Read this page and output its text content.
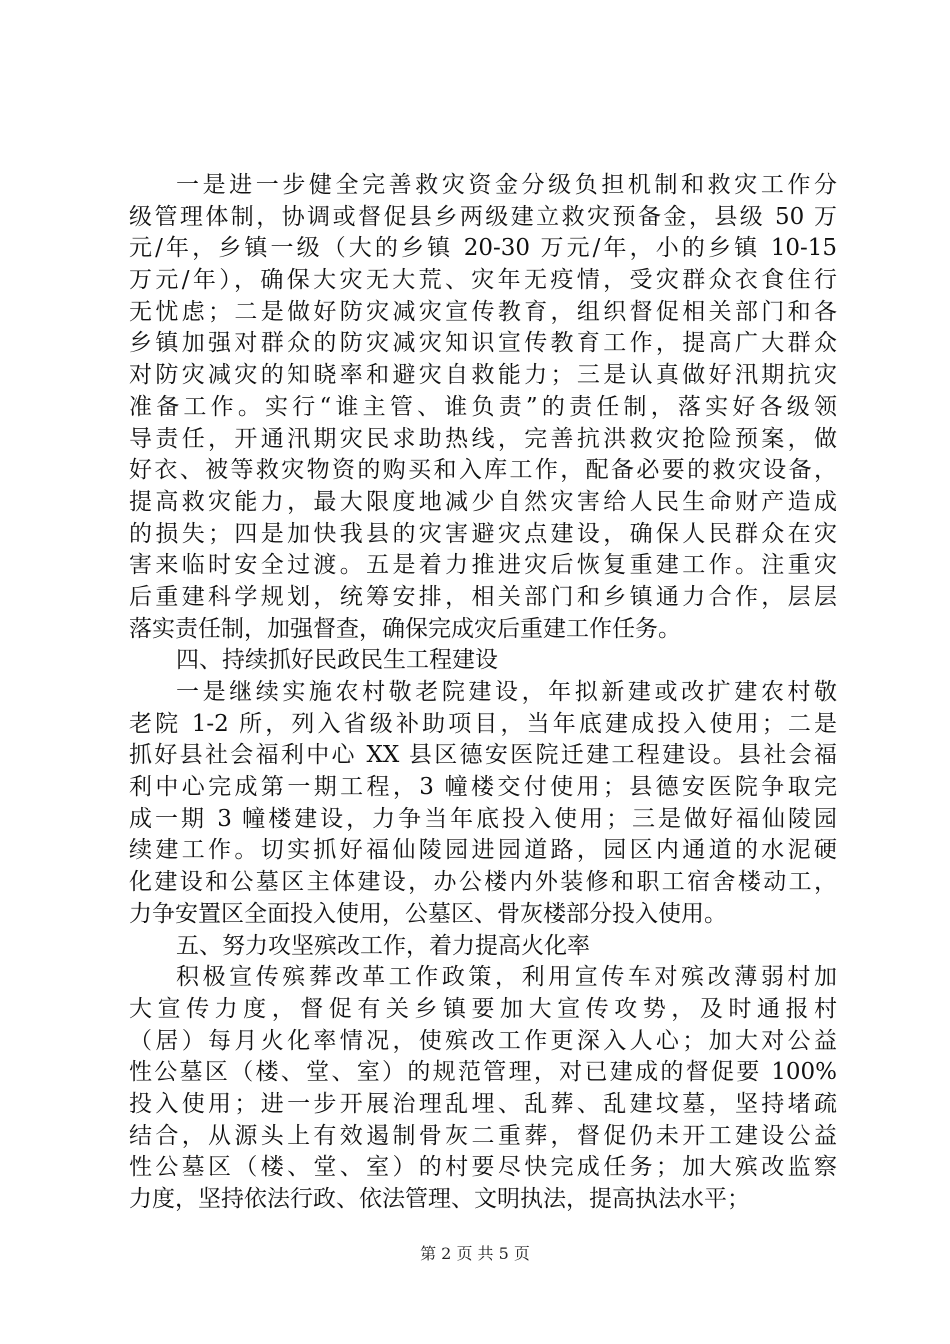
一是进一步健全完善救灾资金分级负担机制和救灾工作分
级管理体制，协调或督促县乡两级建立救灾预备金，县级 50 万
元/年，乡镇一级（大的乡镇 20-30 万元/年，小的乡镇 10-15
万元/年），确保大灾无大荒、灾年无疫情，受灾群众衣食住行
无忧虑；二是做好防灾减灾宣传教育，组织督促相关部门和各
乡镇加强对群众的防灾减灾知识宣传教育工作，提高广大群众
对防灾减灾的知晓率和避灾自救能力；三是认真做好汛期抗灾
准备工作。实行“谁主管、谁负责”的责任制，落实好各级领
导责任，开通汛期灾民求助热线，完善抗洪救灾抢险预案，做
好衣、被等救灾物资的购买和入库工作，配备必要的救灾设备，
提高救灾能力，最大限度地减少自然灾害给人民生命财产造成
的损失；四是加快我县的灾害避灾点建设，确保人民群众在灾
害来临时安全过渡。五是着力推进灾后恢复重建工作。注重灾
后重建科学规划，统筹安排，相关部门和乡镇通力合作，层层
落实责任制，加强督查，确保完成灾后重建工作任务。
四、持续抓好民政民生工程建设
一是继续实施农村敬老院建设，年拟新建或改扩建农村敬
老院 1-2 所，列入省级补助项目，当年底建成投入使用；二是
抓好县社会福利中心 XX 县区德安医院迁建工程建设。县社会福
利中心完成第一期工程，3 幢楼交付使用；县德安医院争取完
成一期 3 幢楼建设，力争当年底投入使用；三是做好福仙陵园
续建工作。切实抓好福仙陵园进园道路，园区内通道的水泥硬
化建设和公墓区主体建设，办公楼内外装修和职工宿舍楼动工，
力争安置区全面投入使用，公墓区、骨灰楼部分投入使用。
五、努力攻坚殡改工作，着力提高火化率
积极宣传殡葬改革工作政策，利用宣传车对殡改薄弱村加
大宣传力度，督促有关乡镇要加大宣传攻势，及时通报村
（居）每月火化率情况，使殡改工作更深入人心；加大对公益
性公墓区（楼、堂、室）的规范管理，对已建成的督促要 100%
投入使用；进一步开展治理乱埋、乱葬、乱建坟墓，坚持堵疏
结合，从源头上有效遏制骨灰二重葬，督促仍未开工建设公益
性公墓区（楼、堂、室）的村要尽快完成任务；加大殡改监察
力度，坚持依法行政、依法管理、文明执法，提高执法水平；
第 2 页 共 5 页
